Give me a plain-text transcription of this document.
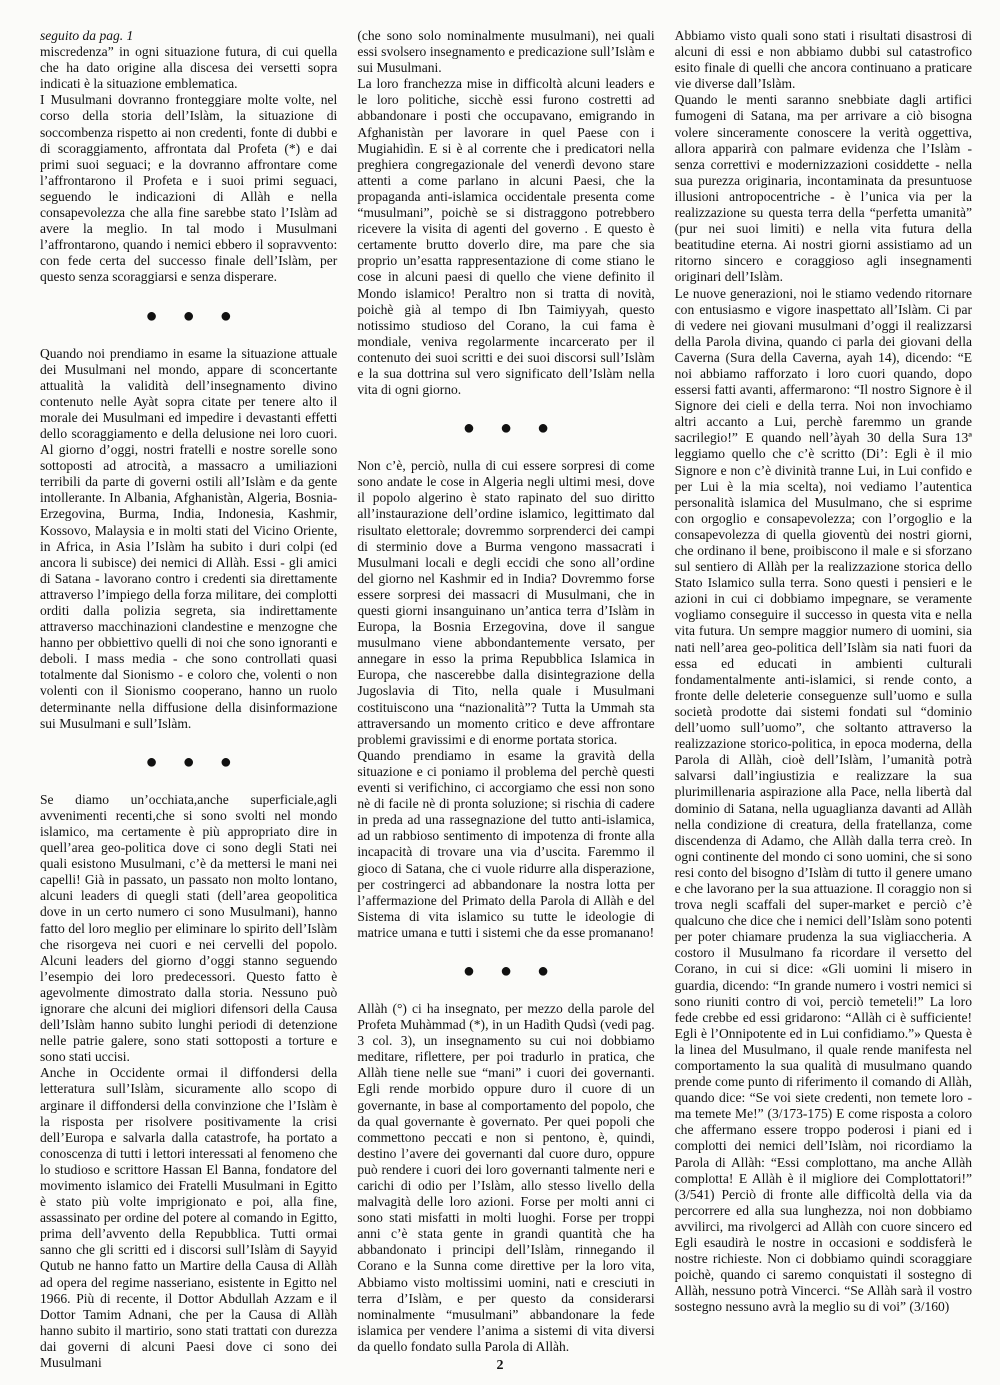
seguito da pag. 1

miscredenza” in ogni situazione futura, di cui quella che ha dato origine alla discesa dei versetti sopra indicati è la situazione emblematica.

I Musulmani dovranno fronteggiare molte volte, nel corso della storia dell’Islàm, la situazione di soccombenza rispetto ai non credenti, fonte di dubbi e di scoraggiamento, affrontata dal Profeta (*) e dai primi suoi seguaci; e la dovranno affrontare come l’affrontarono il Profeta e i suoi primi seguaci, seguendo le indicazioni di Allàh e nella consapevolezza che alla fine sarebbe stato l’Islàm ad avere la meglio. In tal modo i Musulmani l’affrontarono, quando i nemici ebbero il sopravvento: con fede certa del successo finale dell’Islàm, per questo senza scoraggiarsi e senza disperare.

● ● ●

Quando noi prendiamo in esame la situazione attuale dei Musulmani nel mondo, appare di sconcertante attualità la validità dell’insegnamento divino contenuto nelle Ayàt sopra citate per tenere alto il morale dei Musulmani ed impedire i devastanti effetti dello scoraggiamento e della delusione nei loro cuori. Al giorno d’oggi, nostri fratelli e nostre sorelle sono sottoposti ad atrocità, a massacro a umiliazioni terribili da parte di governi ostili all’Islàm e da gente intollerante. In Albania, Afghanistàn, Algeria, Bosnia-Erzegovina, Burma, India, Indonesia, Kashmir, Kossovo, Malaysia e in molti stati del Vicino Oriente, in Africa, in Asia l’Islàm ha subito i duri colpi (ed ancora li subisce) dei nemici di Allàh. Essi - gli amici di Satana - lavorano contro i credenti sia direttamente attraverso l’impiego della forza militare, dei complotti orditi dalla polizia segreta, sia indirettamente attraverso macchinazioni clandestine e menzogne che hanno per obbiettivo quelli di noi che sono ignoranti e deboli. I mass media - che sono controllati quasi totalmente dal Sionismo - e coloro che, volenti o non volenti con il Sionismo cooperano, hanno un ruolo determinante nella diffusione della disinformazione sui Musulmani e sull’Islàm.

● ● ●

Se diamo un’occhiata,anche superficiale,agli avvenimenti recenti,che si sono svolti nel mondo islamico, ma certamente è più appropriato dire in quell’area geo-politica dove ci sono degli Stati nei quali esistono Musulmani, c’è da mettersi le mani nei capelli! Già in passato, un passato non molto lontano, alcuni leaders di quegli stati (dell’area geopolitica dove in un certo numero ci sono Musulmani), hanno fatto del loro meglio per eliminare lo spirito dell’Islàm che risorgeva nei cuori e nei cervelli del popolo. Alcuni leaders del giorno d’oggi stanno seguendo l’esempio dei loro predecessori. Questo fatto è agevolmente dimostrato dalla storia. Nessuno può ignorare che alcuni dei migliori difensori della Causa dell’Islàm hanno subito lunghi periodi di detenzione nelle patrie galere, sono stati sottoposti a torture e sono stati uccisi.

Anche in Occidente ormai il diffondersi della letteratura sull’Islàm, sicuramente allo scopo di arginare il diffondersi della convinzione che l’Islàm è la risposta per risolvere positivamente la crisi dell’Europa e salvarla dalla catastrofe, ha portato a conoscenza di tutti i lettori interessati al fenomeno che lo studioso e scrittore Hassan El Banna, fondatore del movimento islamico dei Fratelli Musulmani in Egitto è stato più volte imprigionato e poi, alla fine, assassinato per ordine del potere al comando in Egitto, prima dell’avvento della Repubblica. Tutti ormai sanno che gli scritti ed i discorsi sull’Islàm di Sayyid Qutub ne hanno fatto un Martire della Causa di Allàh ad opera del regime nasseriano, esistente in Egitto nel 1966. Più di recente, il Dottor Abdullah Azzam e il Dottor Tamim Adnani, che per la Causa di Allàh hanno subito il martirio, sono stati trattati con durezza dai governi di alcuni Paesi dove ci sono dei Musulmani

(che sono solo nominalmente musulmani), nei quali essi svolsero insegnamento e predicazione sull’Islàm e sui Musulmani.

La loro franchezza mise in difficoltà alcuni leaders e le loro politiche, sicchè essi furono costretti ad abbandonare i posti che occupavano, emigrando in Afghanistàn per lavorare in quel Paese con i Mugiahidìn. E si è al corrente che i predicatori nella preghiera congregazionale del venerdì devono stare attenti a come parlano in alcuni Paesi, che la propaganda anti-islamica occidentale presenta come “musulmani”, poichè se si distraggono potrebbero ricevere la visita di agenti del governo . E questo è certamente brutto doverlo dire, ma pare che sia proprio un’esatta rappresentazione di come stiano le cose in alcuni paesi di quello che viene definito il Mondo islamico! Peraltro non si tratta di novità, poichè già al tempo di Ibn Taimiyyah, questo notissimo studioso del Corano, la cui fama è mondiale, veniva regolarmente incarcerato per il contenuto dei suoi scritti e dei suoi discorsi sull’Islàm e la sua dottrina sul vero significato dell’Islàm nella vita di ogni giorno.

● ● ●

Non c’è, perciò, nulla di cui essere sorpresi di come sono andate le cose in Algeria negli ultimi mesi, dove il popolo algerino è stato rapinato del suo diritto all’instaurazione dell’ordine islamico, legittimato dal risultato elettorale; dovremmo sorprenderci dei campi di sterminio dove a Burma vengono massacrati i Musulmani locali e degli eccidi che sono all’ordine del giorno nel Kashmir ed in India? Dovremmo forse essere sorpresi dei massacri di Musulmani, che in questi giorni insanguinano un’antica terra d’Islàm in Europa, la Bosnia Erzegovina, dove il sangue musulmano viene abbondantemente versato, per annegare in esso la prima Repubblica Islamica in Europa, che nascerebbe dalla disintegrazione della Jugoslavia di Tito, nella quale i Musulmani costituiscono una “nazionalità”? Tutta la Ummah sta attraversando un momento critico e deve affrontare problemi gravissimi e di enorme portata storica.

Quando prendiamo in esame la gravità della situazione e ci poniamo il problema del perchè questi eventi si verifichino, ci accorgiamo che essi non sono nè di facile nè di pronta soluzione; si rischia di cadere in preda ad una rassegnazione del tutto anti-islamica, ad un rabbioso sentimento di impotenza di fronte alla incapacità di trovare una via d’uscita. Faremmo il gioco di Satana, che ci vuole ridurre alla disperazione, per costringerci ad abbandonare la nostra lotta per l’affermazione del Primato della Parola di Allàh e del Sistema di vita islamico su tutte le ideologie di matrice umana e tutti i sistemi che da esse promanano!

● ● ●

Allàh (°) ci ha insegnato, per mezzo della parole del Profeta Muhàmmad (*), in un Hadìth Qudsì (vedi pag. 3 col. 3), un insegnamento su cui noi dobbiamo meditare, riflettere, per poi tradurlo in pratica, che Allàh tiene nelle sue “mani” i cuori dei governanti. Egli rende morbido oppure duro il cuore di un governante, in base al comportamento del popolo, che da qual governante è governato. Per quei popoli che commettono peccati e non si pentono, è, quindi, destino l’avere dei governanti dal cuore duro, oppure può rendere i cuori dei loro governanti talmente neri e carichi di odio per l’Islàm, allo stesso livello della malvagità delle loro azioni. Forse per molti anni ci sono stati misfatti in molti luoghi. Forse per troppi anni c’è stata gente in grandi quantità che ha abbandonato i principi dell’Islàm, rinnegando il Corano e la Sunna come direttive per la loro vita, Abbiamo visto moltissimi uomini, nati e cresciuti in terra d’Islàm, e per questo da considerarsi nominalmente “musulmani” abbandonare la fede islamica per vendere l’anima a sistemi di vita diversi da quello fondato sulla Parola di Allàh.

Abbiamo visto quali sono stati i risultati disastrosi di alcuni di essi e non abbiamo dubbi sul catastrofico esito finale di quelli che ancora continuano a praticare vie diverse dall’Islàm.

Quando le menti saranno snebbiate dagli artifici fumogeni di Satana, ma per arrivare a ciò bisogna volere sinceramente conoscere la verità oggettiva, allora apparirà con palmare evidenza che l’Islàm - senza correttivi e modernizzazioni cosiddette - nella sua purezza originaria, incontaminata da presuntuose illusioni antropocentriche - è l’unica via per la realizzazione su questa terra della “perfetta umanità” (pur nei suoi limiti) e nella vita futura della beatitudine eterna. Ai nostri giorni assistiamo ad un ritorno sincero e coraggioso agli insegnamenti originari dell’Islàm.

Le nuove generazioni, noi le stiamo vedendo ritornare con entusiasmo e vigore inaspettato all’Islàm. Ci par di vedere nei giovani musulmani d’oggi il realizzarsi della Parola divina, quando ci parla dei giovani della Caverna (Sura della Caverna, ayah 14), dicendo: “E noi abbiamo rafforzato i loro cuori quando, dopo essersi fatti avanti, affermarono: “Il nostro Signore è il Signore dei cieli e della terra. Noi non invochiamo altri accanto a Lui, perchè faremmo un grande sacrilegio!” E quando nell’àyah 30 della Sura 13ª leggiamo quello che c’è scritto (Di’: Egli è il mio Signore e non c’è divinità tranne Lui, in Lui confido e per Lui è la mia scelta), noi vediamo l’autentica personalità islamica del Musulmano, che si esprime con orgoglio e consapevolezza; con l’orgoglio e la consapevolezza di quella gioventù dei nostri giorni, che ordinano il bene, proibiscono il male e si sforzano sul sentiero di Allàh per la realizzazione storica dello Stato Islamico sulla terra. Sono questi i pensieri e le azioni in cui ci dobbiamo impegnare, se veramente vogliamo conseguire il successo in questa vita e nella vita futura. Un sempre maggior numero di uomini, sia nati nell’area geo-politica dell’Islàm sia nati fuori da essa ed educati in ambienti culturali fondamentalmente anti-islamici, si rende conto, a fronte delle deleterie conseguenze sull’uomo e sulla società prodotte dai sistemi fondati sul “dominio dell’uomo sull’uomo”, che soltanto attraverso la realizzazione storico-politica, in epoca moderna, della Parola di Allàh, cioè dell’Islàm, l’umanità potrà salvarsi dall’ingiustizia e realizzare la sua plurimillenaria aspirazione alla Pace, nella libertà dal dominio di Satana, nella uguaglianza davanti ad Allàh nella condizione di creatura, della fratellanza, come discendenza di Adamo, che Allàh dalla terra creò. In ogni continente del mondo ci sono uomini, che si sono resi conto del bisogno d’Islàm di tutto il genere umano e che lavorano per la sua attuazione. Il coraggio non si trova negli scaffali del super-market e perciò c’è qualcuno che dice che i nemici dell’Islàm sono potenti per poter chiamare prudenza la sua vigliaccheria. A costoro il Musulmano fa ricordare il versetto del Corano, in cui si dice: «Gli uomini li misero in guardia, dicendo: “In grande numero i vostri nemici si sono riuniti contro di voi, perciò temeteli!” La loro fede crebbe ed essi gridarono: “Allàh ci è sufficiente! Egli è l’Onnipotente ed in Lui confidiamo.”» Questa è la linea del Musulmano, il quale rende manifesta nel comportamento la sua qualità di musulmano quando prende come punto di riferimento il comando di Allàh, quando dice: “Se voi siete credenti, non temete loro - ma temete Me!” (3/173-175) E come risposta a coloro che affermano essere troppo poderosi i piani ed i complotti dei nemici dell’Islàm, noi ricordiamo la Parola di Allàh: “Essi complottano, ma anche Allàh complotta! E Allàh è il migliore dei Complottatori!” (3/541) Perciò di fronte alle difficoltà della via da percorrere ed alla sua lunghezza, noi non dobbiamo avvilirci, ma rivolgerci ad Allàh con cuore sincero ed Egli esaudirà le nostre in occasioni e soddisferà le nostre richieste. Non ci dobbiamo quindi scoraggiare poichè, quando ci saremo conquistati il sostegno di Allàh, nessuno potrà Vincerci. “Se Allàh sarà il vostro sostegno nessuno avrà la meglio su di voi” (3/160)

2
